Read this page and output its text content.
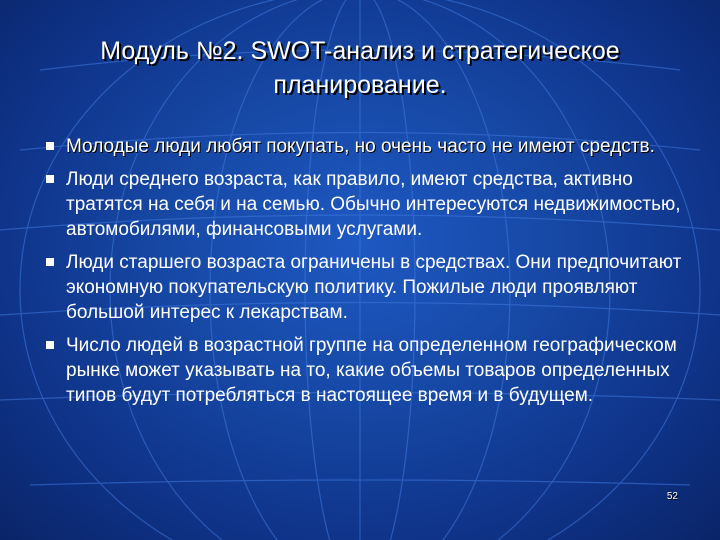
Модуль №2. SWOT-анализ и стратегическое
планирование.
Молодые люди любят покупать, но очень часто не имеют средств.
Люди среднего возраста, как правило, имеют средства, активно тратятся на себя и на семью. Обычно интересуются недвижимостью, автомобилями, финансовыми услугами.
Люди старшего возраста ограничены в средствах. Они предпочитают экономную покупательскую политику. Пожилые люди проявляют большой интерес к лекарствам.
Число людей в возрастной группе на определенном географическом рынке может указывать на то, какие объемы товаров определенных типов будут потребляться в настоящее время и в будущем.
52
